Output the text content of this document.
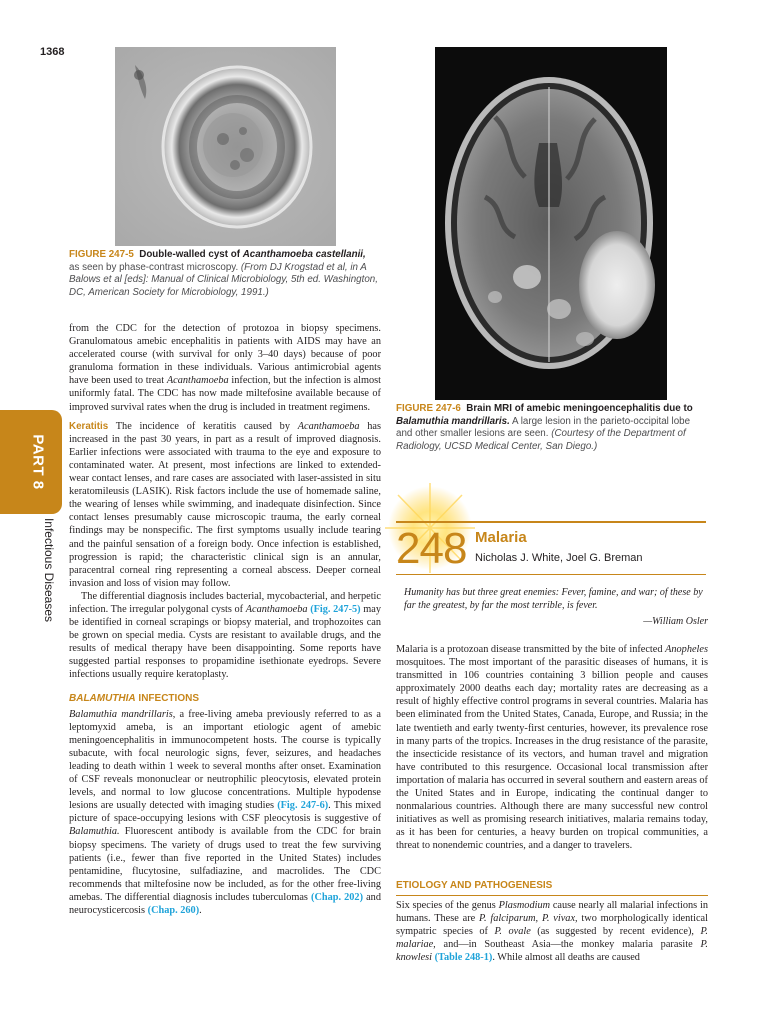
1368
FIGURE 247-5 Double-walled cyst of Acanthamoeba castellanii,
as seen by phase-contrast microscopy. (From DJ Krogstad et al, in A Balows et al [eds]: Manual of Clinical Microbiology, 5th ed. Washington, DC, American Society for Microbiology, 1991.)
FIGURE 247-6 Brain MRI of amebic meningoencephalitis due to Balamuthia mandrillaris. A large lesion in the parieto-occipital lobe and other smaller lesions are seen. (Courtesy of the Department of Radiology, UCSD Medical Center, San Diego.)

from the CDC for the detection of protozoa in biopsy specimens. Granulomatous amebic encephalitis in patients with AIDS may have an accelerated course (with survival for only 3–40 days) because of poor granuloma formation in these individuals. Various antimicrobial agents have been used to treat Acanthamoeba infection, but the infection is almost uniformly fatal. The CDC has now made miltefosine available because of improved survival rates when the drug is included in treatment regimens.

Keratitis The incidence of keratitis caused by Acanthamoeba has increased in the past 30 years, in part as a result of improved diagnosis. Earlier infections were associated with trauma to the eye and exposure to contaminated water. At present, most infections are linked to extended-wear contact lenses, and rare cases are associated with laser-assisted in situ keratomileusis (LASIK). Risk factors include the use of homemade saline, the wearing of lenses while swimming, and inadequate disinfection. Since contact lenses presumably cause microscopic trauma, the early corneal findings may be nonspecific. The first symptoms usually include tearing and the painful sensation of a foreign body. Once infection is established, progression is rapid; the characteristic clinical sign is an annular, paracentral corneal ring representing a corneal abscess. Deeper corneal invasion and loss of vision may follow.

The differential diagnosis includes bacterial, mycobacterial, and herpetic infection. The irregular polygonal cysts of Acanthamoeba (Fig. 247-5) may be identified in corneal scrapings or biopsy material, and trophozoites can be grown on special media. Cysts are resistant to available drugs, and the results of medical therapy have been disappointing. Some reports have suggested partial responses to propamidine isethionate eyedrops. Severe infections usually require keratoplasty.

BALAMUTHIA INFECTIONS

Balamuthia mandrillaris, a free-living ameba previously referred to as a leptomyxid ameba, is an important etiologic agent of amebic meningoencephalitis in immunocompetent hosts. The course is typically subacute, with focal neurologic signs, fever, seizures, and headaches leading to death within 1 week to several months after onset. Examination of CSF reveals mononuclear or neutrophilic pleocytosis, elevated protein levels, and normal to low glucose concentrations. Multiple hypodense lesions are usually detected with imaging studies (Fig. 247-6). This mixed picture of space-occupying lesions with CSF pleocytosis is suggestive of Balamuthia. Fluorescent antibody is available from the CDC for brain biopsy specimens. The variety of drugs used to treat the few surviving patients (i.e., fewer than five reported in the United States) includes pentamidine, flucytosine, sulfadiazine, and macrolides. The CDC recommends that miltefosine now be included, as for the other free-living amebas. The differential diagnosis includes tuberculomas (Chap. 202) and neurocysticercosis (Chap. 260).

PART 8
Infectious Diseases	248 Malaria
Nicholas J. White, Joel G. Breman
Humanity has but three great enemies: Fever, famine, and war; of these by far the greatest, by far the most terrible, is fever.
—William Osler

Malaria is a protozoan disease transmitted by the bite of infected Anopheles mosquitoes. The most important of the parasitic diseases of humans, it is transmitted in 106 countries containing 3 billion people and causes approximately 2000 deaths each day; mortality rates are decreasing as a result of highly effective control programs in several countries. Malaria has been eliminated from the United States, Canada, Europe, and Russia; in the late twentieth and early twenty-first centuries, however, its prevalence rose in many parts of the tropics. Increases in the drug resistance of the parasite, the insecticide resistance of its vectors, and human travel and migration have contributed to this resurgence. Occasional local transmission after importation of malaria has occurred in several southern and eastern areas of the United States and in Europe, indicating the continual danger to nonmalarious countries. Although there are many successful new control initiatives as well as promising research initiatives, malaria remains today, as it has been for centuries, a heavy burden on tropical communities, a threat to nonendemic countries, and a danger to travelers.

ETIOLOGY AND PATHOGENESIS

Six species of the genus Plasmodium cause nearly all malarial infections in humans. These are P. falciparum, P. vivax, two morphologically identical sympatric species of P. ovale (as suggested by recent evidence), P. malariae, and—in Southeast Asia—the monkey malaria parasite P. knowlesi (Table 248-1). While almost all deaths are caused
